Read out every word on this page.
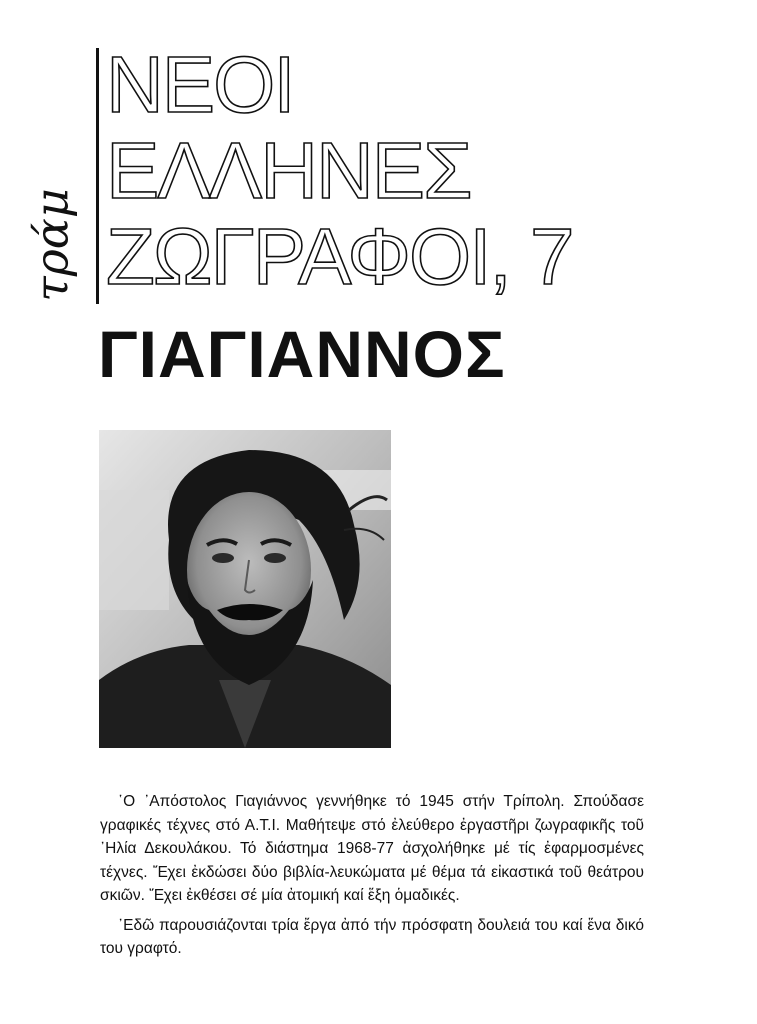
τράμ
ΝΕΟΙ
ΕΛΛΗΝΕΣ
ΖΩΓΡΑΦΟΙ, 7
ΓΙΑΓΙΑΝΝΟΣ

῾Ο ᾿Απόστολος Γιαγιάννος γεννήθηκε τό 1945 στήν Τρίπολη. Σπούδασε γραφικές τέχνες στό Α.Τ.Ι. Μαθήτεψε στό ἐλεύθερο ἐργαστῆρι ζωγραφικῆς τοῦ ᾿Ηλία Δεκουλάκου. Τό διάστημα 1968-77 ἀσχολήθηκε μέ τίς ἐφαρμοσμένες τέχνες. Ἔχει ἐκδώσει δύο βιβλία-λευκώματα μέ θέμα τά εἰκαστικά τοῦ θεάτρου σκιῶν. Ἔχει ἐκθέσει σέ μία ἀτομική καί ἕξη ὁμαδικές.

᾿Εδῶ παρουσιάζονται τρία ἔργα ἀπό τήν πρόσφατη δουλειά του καί ἕνα δικό του γραφτό.
